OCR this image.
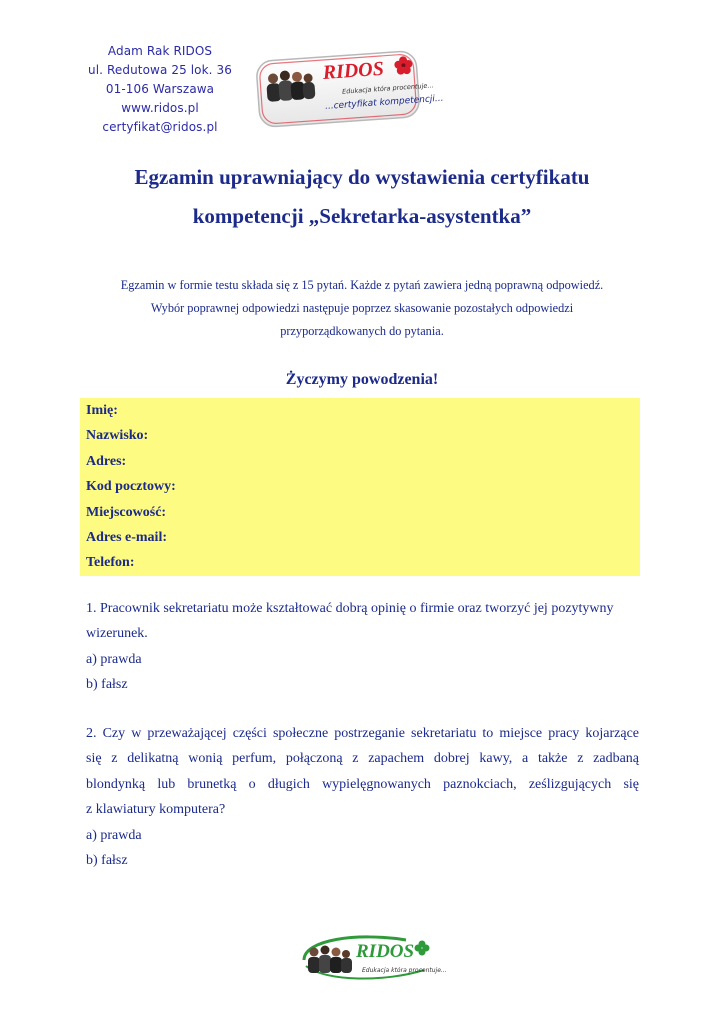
Adam Rak RIDOS
ul. Redutowa 25 lok. 36
01-106 Warszawa
www.ridos.pl
certyfikat@ridos.pl
RIDOS
Edukacja która procentuje...
...certyfikat kompetencji...
Egzamin uprawniający do wystawienia certyfikatu
kompetencji „Sekretarka-asystentka”
Egzamin w formie testu składa się z 15 pytań. Każde z pytań zawiera jedną poprawną odpowiedź.
Wybór poprawnej odpowiedzi następuje poprzez skasowanie pozostałych odpowiedzi
przyporządkowanych do pytania.
Życzymy powodzenia!
Imię:
Nazwisko:
Adres:
Kod pocztowy:
Miejscowość:
Adres e-mail:
Telefon:
1. Pracownik sekretariatu może kształtować dobrą opinię o firmie oraz tworzyć jej pozytywny
wizerunek.
a) prawda
b) fałsz
2. Czy w przeważającej części społeczne postrzeganie sekretariatu to miejsce pracy kojarzące
się z delikatną wonią perfum, połączoną z zapachem dobrej kawy, a także z zadbaną
blondynką lub brunetką o długich wypielęgnowanych paznokciach, ześlizgujących się
z klawiatury komputera?
a) prawda
b) fałsz
RIDOS
Edukacja która procentuje...
